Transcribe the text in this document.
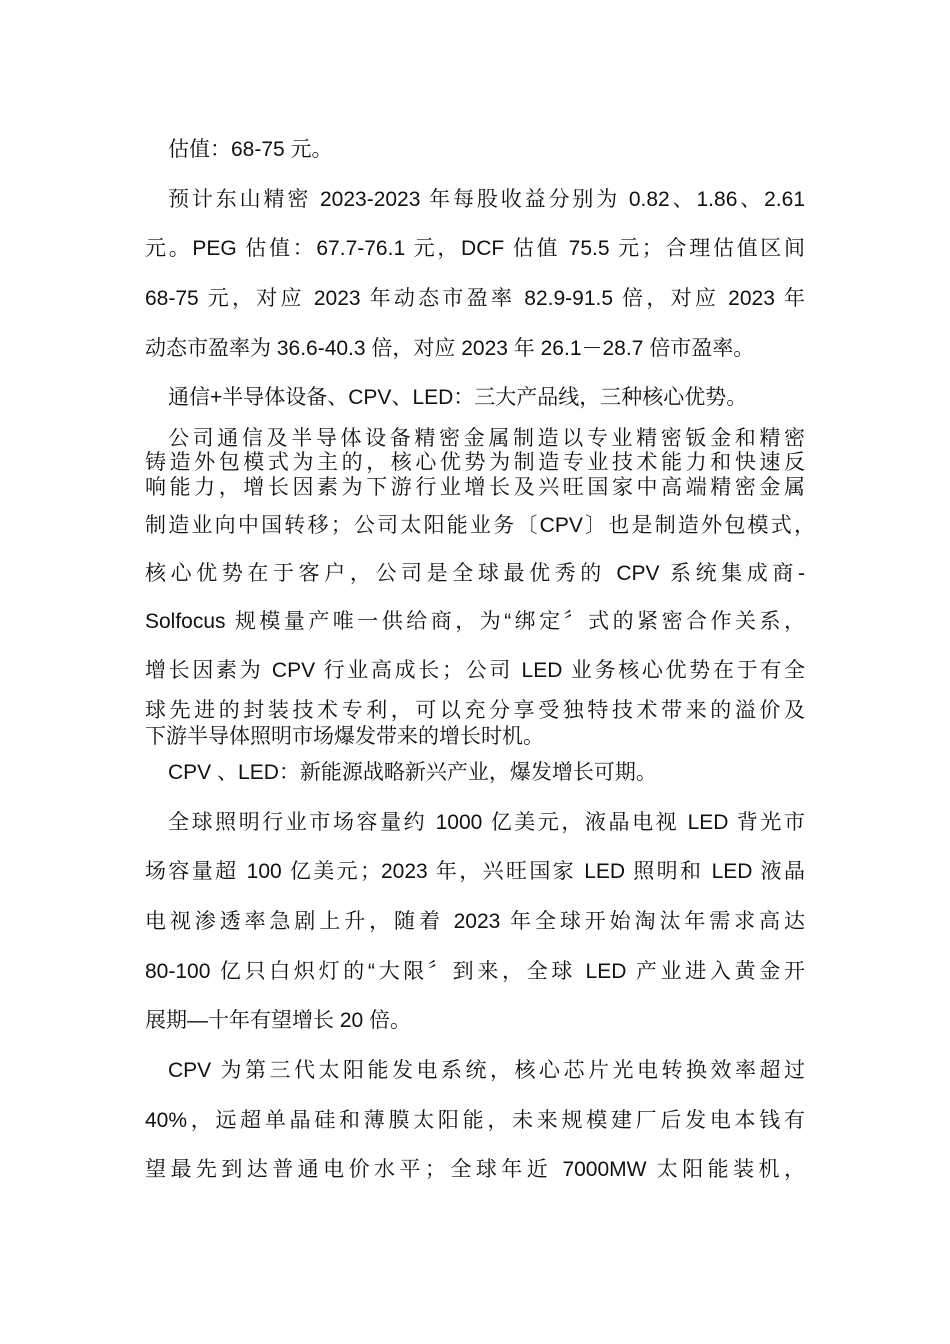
估值：68-75 元。
预计东山精密 2023-2023 年每股收益分别为 0.82、1.86、2.61
元。PEG 估值：67.7-76.1 元，DCF 估值 75.5 元；合理估值区间
68-75 元，对应 2023 年动态市盈率 82.9-91.5 倍，对应 2023 年
动态市盈率为 36.6-40.3 倍，对应 2023 年 26.1－28.7 倍市盈率。
通信+半导体设备、CPV、LED：三大产品线，三种核心优势。
公司通信及半导体设备精密金属制造以专业精密钣金和精密
铸造外包模式为主的，核心优势为制造专业技术能力和快速反
响能力，增长因素为下游行业增长及兴旺国家中高端精密金属
制造业向中国转移；公司太阳能业务〔CPV〕也是制造外包模式，
核心优势在于客户，公司是全球最优秀的 CPV 系统集成商-
Solfocus 规模量产唯一供给商，为“绑定〞式的紧密合作关系，
增长因素为 CPV 行业高成长；公司 LED 业务核心优势在于有全
球先进的封装技术专利，可以充分享受独特技术带来的溢价及
下游半导体照明市场爆发带来的增长时机。
CPV 、LED：新能源战略新兴产业，爆发增长可期。
全球照明行业市场容量约 1000 亿美元，液晶电视 LED 背光市
场容量超 100 亿美元；2023 年，兴旺国家 LED 照明和 LED 液晶
电视渗透率急剧上升，随着 2023 年全球开始淘汰年需求高达
80-100 亿只白炽灯的“大限〞到来，全球 LED 产业进入黄金开
展期—十年有望增长 20 倍。
CPV 为第三代太阳能发电系统，核心芯片光电转换效率超过
40%，远超单晶硅和薄膜太阳能，未来规模建厂后发电本钱有
望最先到达普通电价水平；全球年近 7000MW 太阳能装机，
